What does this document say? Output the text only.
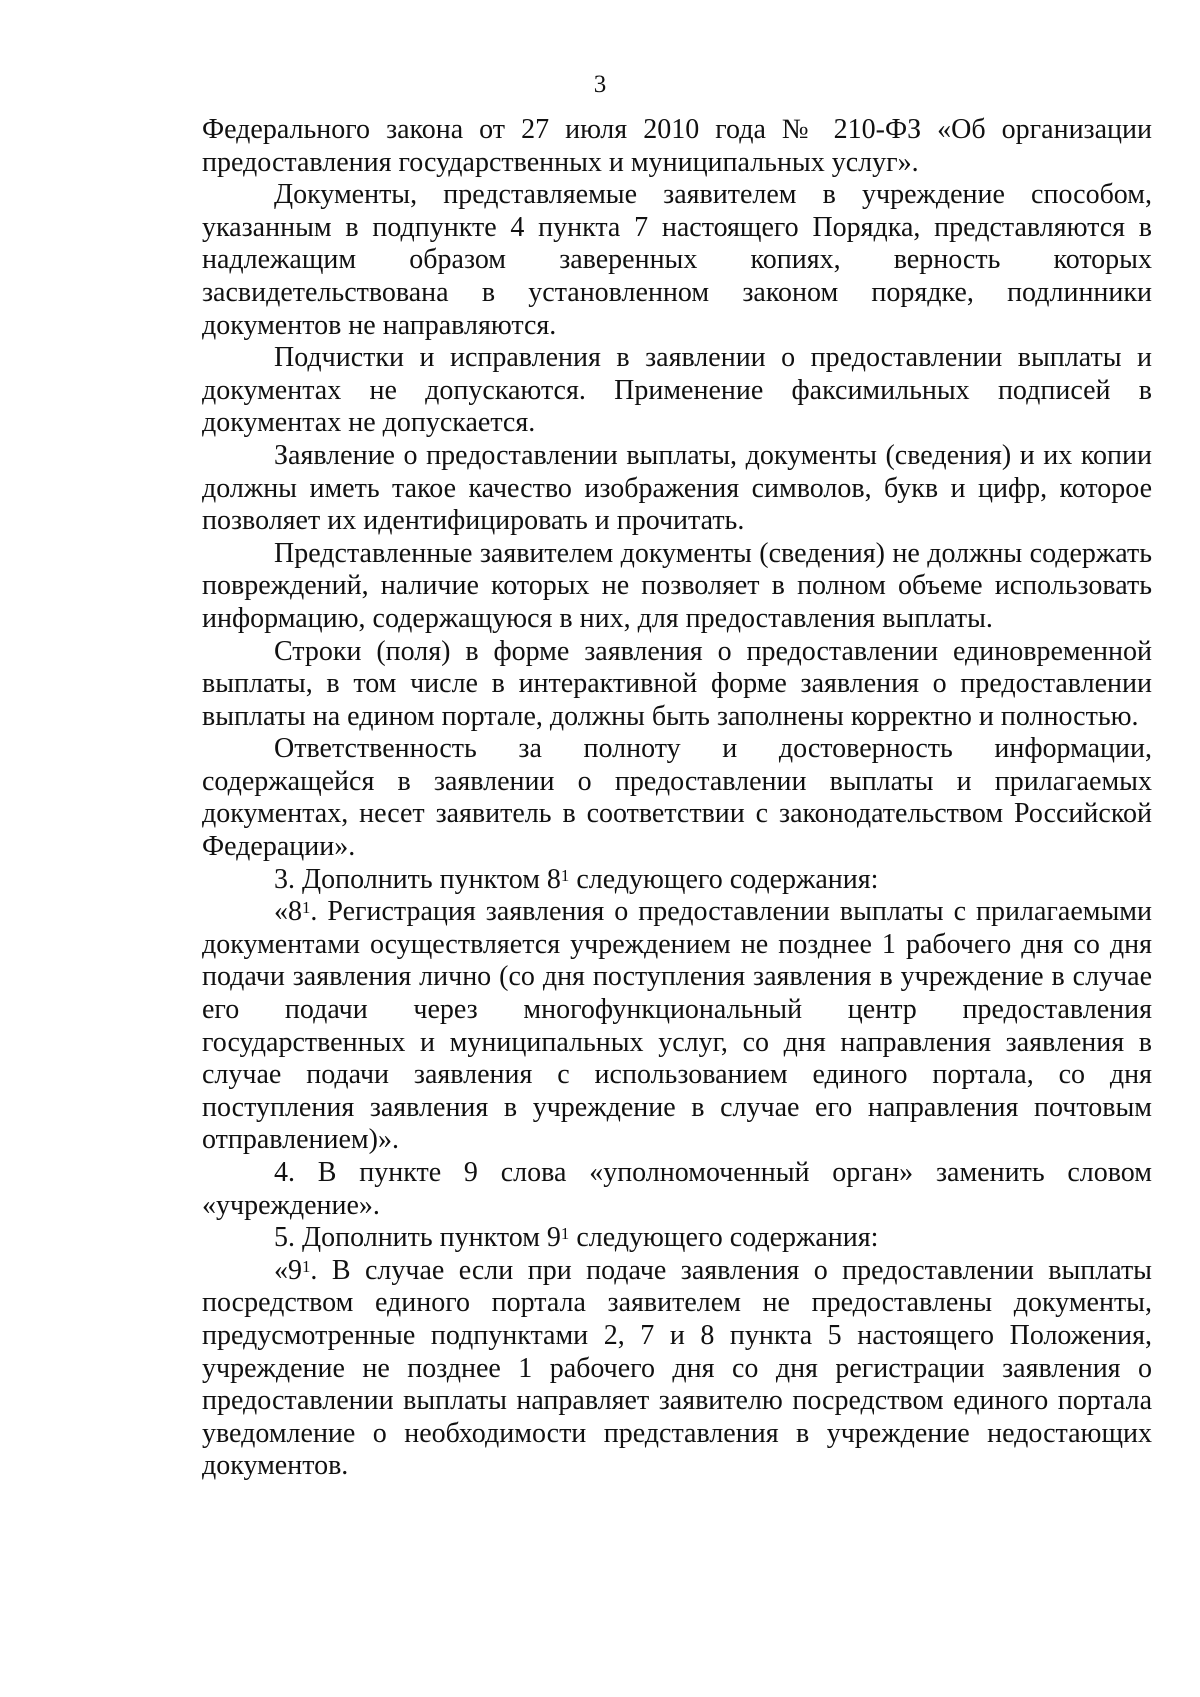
3

Федерального закона от 27 июля 2010 года № 210-ФЗ «Об организации предоставления государственных и муниципальных услуг».

Документы, представляемые заявителем в учреждение способом, указанным в подпункте 4 пункта 7 настоящего Порядка, представляются в надлежащим образом заверенных копиях, верность которых засвидетельствована в установленном законом порядке, подлинники документов не направляются.

Подчистки и исправления в заявлении о предоставлении выплаты и документах не допускаются. Применение факсимильных подписей в документах не допускается.

Заявление о предоставлении выплаты, документы (сведения) и их копии должны иметь такое качество изображения символов, букв и цифр, которое позволяет их идентифицировать и прочитать.

Представленные заявителем документы (сведения) не должны содержать повреждений, наличие которых не позволяет в полном объеме использовать информацию, содержащуюся в них, для предоставления выплаты.

Строки (поля) в форме заявления о предоставлении единовременной выплаты, в том числе в интерактивной форме заявления о предоставлении выплаты на едином портале, должны быть заполнены корректно и полностью.

Ответственность за полноту и достоверность информации, содержащейся в заявлении о предоставлении выплаты и прилагаемых документах, несет заявитель в соответствии с законодательством Российской Федерации».

3. Дополнить пунктом $8^1$ следующего содержания:

«$8^1$. Регистрация заявления о предоставлении выплаты с прилагаемыми документами осуществляется учреждением не позднее 1 рабочего дня со дня подачи заявления лично (со дня поступления заявления в учреждение в случае его подачи через многофункциональный центр предоставления государственных и муниципальных услуг, со дня направления заявления в случае подачи заявления с использованием единого портала, со дня поступления заявления в учреждение в случае его направления почтовым отправлением)».

4. В пункте 9 слова «уполномоченный орган» заменить словом «учреждение».

5. Дополнить пунктом $9^1$ следующего содержания:

«$9^1$. В случае если при подаче заявления о предоставлении выплаты посредством единого портала заявителем не предоставлены документы, предусмотренные подпунктами 2, 7 и 8 пункта 5 настоящего Положения, учреждение не позднее 1 рабочего дня со дня регистрации заявления о предоставлении выплаты направляет заявителю посредством единого портала уведомление о необходимости представления в учреждение недостающих документов.
